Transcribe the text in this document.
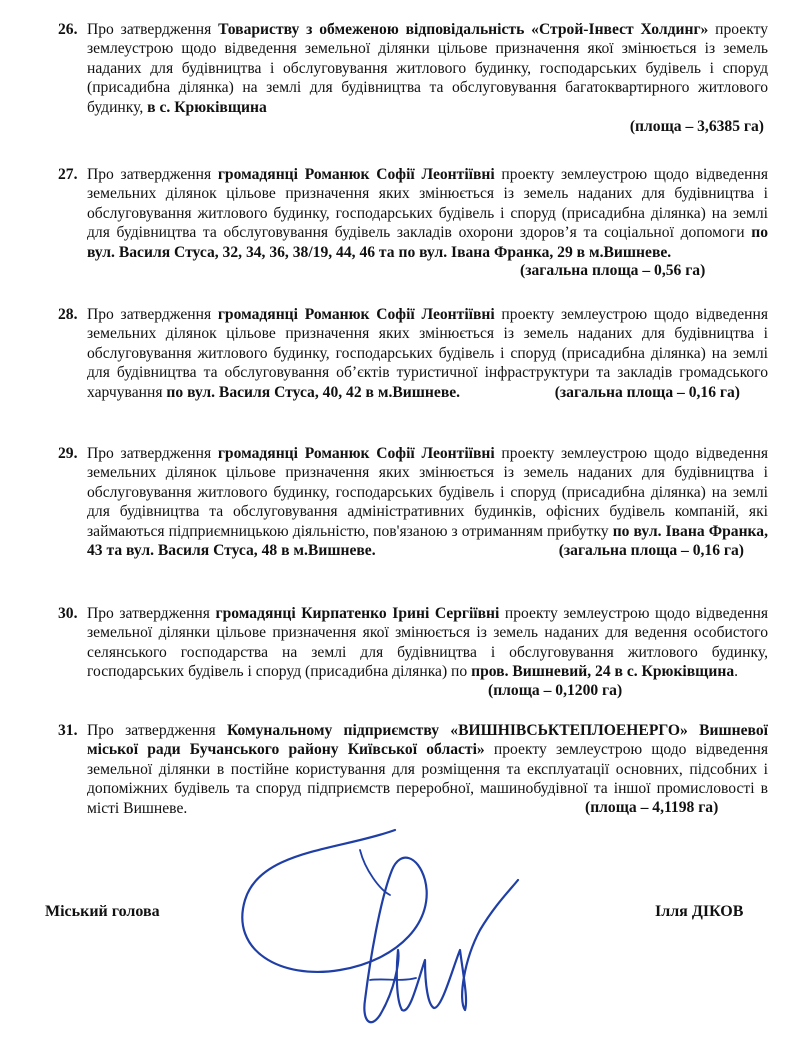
26. Про затвердження Товариству з обмеженою відповідальність «Строй-Інвест Холдинг» проекту землеустрою щодо відведення земельної ділянки цільове призначення якої змінюється із земель наданих для будівництва і обслуговування житлового будинку, господарських будівель і споруд (присадибна ділянка) на землі для будівництва та обслуговування багатоквартирного житлового будинку, в с. Крюківщина
(площа – 3,6385 га)
27. Про затвердження громадянці Романюк Софії Леонтіївні проекту землеустрою щодо відведення земельних ділянок цільове призначення яких змінюється із земель наданих для будівництва і обслуговування житлового будинку, господарських будівель і споруд (присадибна ділянка) на землі для будівництва та обслуговування будівель закладів охорони здоров’я та соціальної допомоги по вул. Василя Стуса, 32, 34, 36, 38/19, 44, 46 та по вул. Івана Франка, 29 в м.Вишневе.
(загальна площа – 0,56 га)
28. Про затвердження громадянці Романюк Софії Леонтіївні проекту землеустрою щодо відведення земельних ділянок цільове призначення яких змінюється із земель наданих для будівництва і обслуговування житлового будинку, господарських будівель і споруд (присадибна ділянка) на землі для будівництва та обслуговування об’єктів туристичної інфраструктури та закладів громадського харчування по вул. Василя Стуса, 40, 42 в м.Вишневе.	(загальна площа – 0,16 га)
29. Про затвердження громадянці Романюк Софії Леонтіївні проекту землеустрою щодо відведення земельних ділянок цільове призначення яких змінюється із земель наданих для будівництва і обслуговування житлового будинку, господарських будівель і споруд (присадибна ділянка) на землі для будівництва та обслуговування адміністративних будинків, офісних будівель компаній, які займаються підприємницькою діяльністю, пов'язаною з отриманням прибутку по вул. Івана Франка, 43 та вул. Василя Стуса, 48 в м.Вишневе.	(загальна площа – 0,16 га)
30. Про затвердження громадянці Кирпатенко Ірині Сергіївні проекту землеустрою щодо відведення земельної ділянки цільове призначення якої змінюється із земель наданих для ведення особистого селянського господарства на землі для будівництва і обслуговування житлового будинку, господарських будівель і споруд (присадибна ділянка) по пров. Вишневий, 24 в с. Крюківщина.
(площа – 0,1200 га)
31. Про затвердження Комунальному підприємству «ВИШНІВСЬКТЕПЛОЕНЕРГО» Вишневої міської ради Бучанського району Київської області» проекту землеустрою щодо відведення земельної ділянки в постійне користування для розміщення та експлуатації основних, підсобних і допоміжних будівель та споруд підприємств переробної, машинобудівної та іншої промисловості в місті Вишневе.	(площа – 4,1198 га)
Міський голова	Ілля ДІКОВ
